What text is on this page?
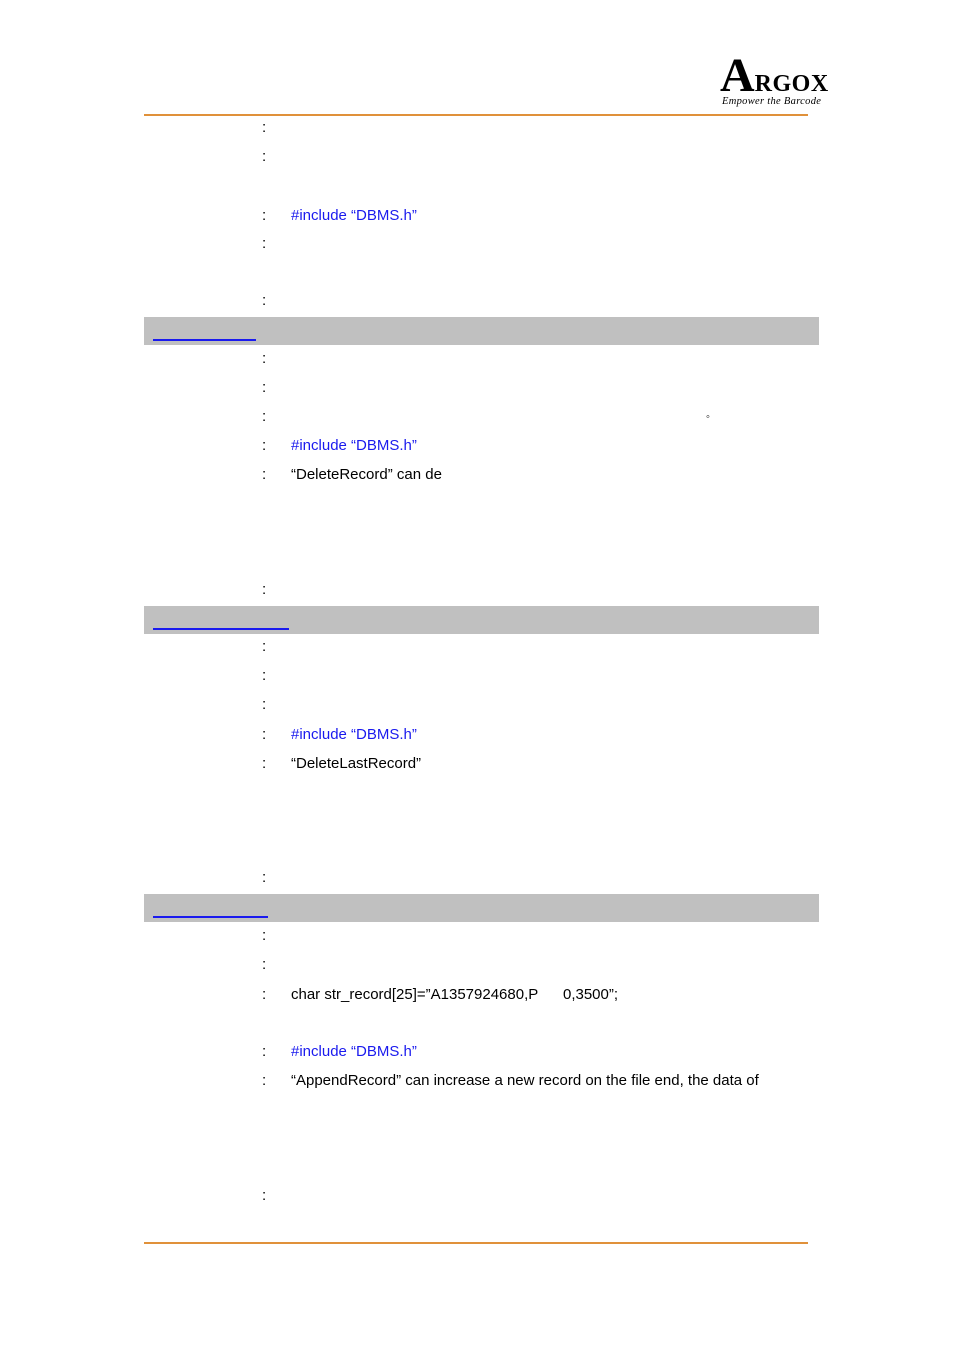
ARGOX
Empower the Barcode
:
:
: #include “DBMS.h”
:
:
:
:
:	◦
: #include “DBMS.h”
: “DeleteRecord” can de
:
:
:
:
: #include “DBMS.h”
: “DeleteLastRecord”
:
:
:
: char str_record[25]=”A1357924680,P      0,3500”;
: #include “DBMS.h”
: “AppendRecord” can increase a new record on the file end, the data of
:
